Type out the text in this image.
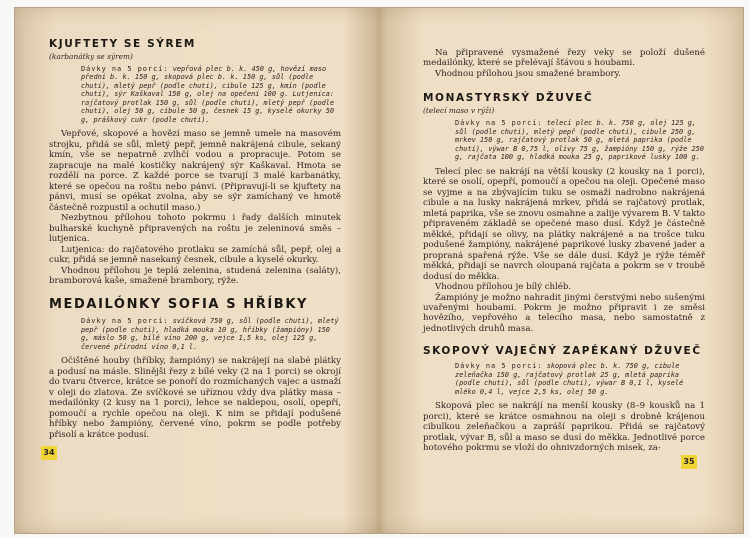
KJUFTETY SE SÝREM
(karbanátky se sýrem)
Dávky na 5 porcí: vepřová plec b. k. 450 g, hovězí maso přední b. k. 150 g, skopová plec b. k. 150 g, sůl (podle chuti), mletý pepř (podle chuti), cibule 125 g, kmín (podle chuti), sýr Kaškaval 150 g, olej na opečení 100 g. Lutjenica: rajčatový protlak 150 g, sůl (podle chuti), mletý pepř (podle chuti), olej 50 g, cibule 50 g, česnek 15 g, kyselé okurky 50 g, práškový cukr (podle chuti).

Vepřové, skopové a hovězí maso se jemně umele na masovém strojku, přidá se sůl, mletý pepř, jemně nakrájená cibule, sekaný kmín, vše se nepatrně zvlhčí vodou a propracuje. Potom se zapracuje na malé kostičky nakrájený sýr Kaškaval. Hmota se rozdělí na porce. Z každé porce se tvarují 3 malé karbanátky, které se opečou na roštu nebo pánvi. (Připravují-li se kjuftety na pánvi, musí se opékat zvolna, aby se sýr zamíchaný ve hmotě částečně rozpustil a ochutil maso.)

Nezbytnou přílohou tohoto pokrmu i řady dalších minutek bulharské kuchyně připravených na roštu je zeleninová směs – lutjenica.

Lutjenica: do rajčatového protlaku se zamíchá sůl, pepř, olej a cukr, přidá se jemně nasekaný česnek, cibule a kyselé okurky.

Vhodnou přílohou je teplá zelenina, studená zelenina (saláty), bramborová kaše, smažené brambory, rýže.

MEDAILÓNKY SOFIA S HŘÍBKY
Dávky na 5 porcí: svíčková 750 g, sůl (podle chuti), mletý pepř (podle chuti), hladká mouka 10 g, hříbky (žampióny) 150 g, máslo 50 g, bílé víno 200 g, vejce 1,5 ks, olej 125 g, červené přírodní víno 0,1 l.

Očištěné houby (hříbky, žampióny) se nakrájejí na slabé plátky a podusí na másle. Slinějši řezy z bílé veky (2 na 1 porci) se okrojí do tvaru čtverce, krátce se ponoří do rozmíchaných vajec a usmaží v oleji do zlatova. Ze svíčkové se uříznou vždy dva plátky masa – medailónky (2 kusy na 1 porci), lehce se naklepou, osolí, opepří, pomoučí a rychle opečou na oleji. K nim se přidají podušené hříbky nebo žampióny, červené víno, pokrm se podle potřeby přisolí a krátce podusí.

34

Na připravené vysmažené řezy veky se položí dušené medailónky, které se přelévají šťávou s houbami.

Vhodnou přílohou jsou smažené brambory.

MONASTYRSKÝ DŽUVEČ
(telecí maso v rýži)
Dávky na 5 porcí: telecí plec b. k. 750 g, olej 125 g, sůl (podle chuti), mletý pepř (podle chuti), cibule 250 g, mrkev 150 g, rajčatový protlak 50 g, mletá paprika (podle chuti), výwar B 0,75 l, olivy 75 g, žampióny 150 g, rýže 250 g, rajčata 100 g, hladká mouka 25 g, paprikové lusky 100 g.

Telecí plec se nakrájí na větší kousky (2 kousky na 1 porci), které se osolí, opepří, pomoučí a opečou na oleji. Opečené maso se vyjme a na zbývajícím tuku se osmaží nadrobno nakrájená cibule a na lusky nakrájená mrkev, přidá se rajčatový protlak, mletá paprika, vše se znovu osmahne a zalije vývarem B. V takto připraveném základě se opečené maso dusí. Když je částečně měkké, přidají se olivy, na plátky nakrájené a na trošce tuku podušené žampióny, nakrájené paprikové lusky zbavené jader a propraná spařená rýže. Vše se dále dusí. Když je rýže téměř měkká, přidají se navrch oloupaná rajčata a pokrm se v troubě dodusí do měkka.

Vhodnou přílohou je bílý chléb.

Žampióny je možno nahradit jinými čerstvými nebo sušenými uvařenými houbami. Pokrm je možno připravit i ze směsi hovězího, vepřového a telecího masa, nebo samostatně z jednotlivých druhů masa.

SKOPOVÝ VAJEČNÝ ZAPÉKANÝ DŽUVEČ
Dávky na 5 porcí: skopová plec b. k. 750 g, cibule zeleňačka 150 g, rajčatový protlak 25 g, mletá paprika (podle chuti), sůl (podle chuti), výwar B 0,1 l, kyselé mléko 0,4 l, vejce 2,5 ks, olej 50 g.

Skopová plec se nakrájí na menší kousky (8–9 kousků na 1 porci), které se krátce osmahnou na oleji s drobně krájenou cibulkou zeleňačkou a zapráší paprikou. Přidá se rajčatový protlak, vývar B, sůl a maso se dusí do měkka. Jednotlivé porce hotového pokrmu se vloží do ohnivzdorných misek, za-

35
